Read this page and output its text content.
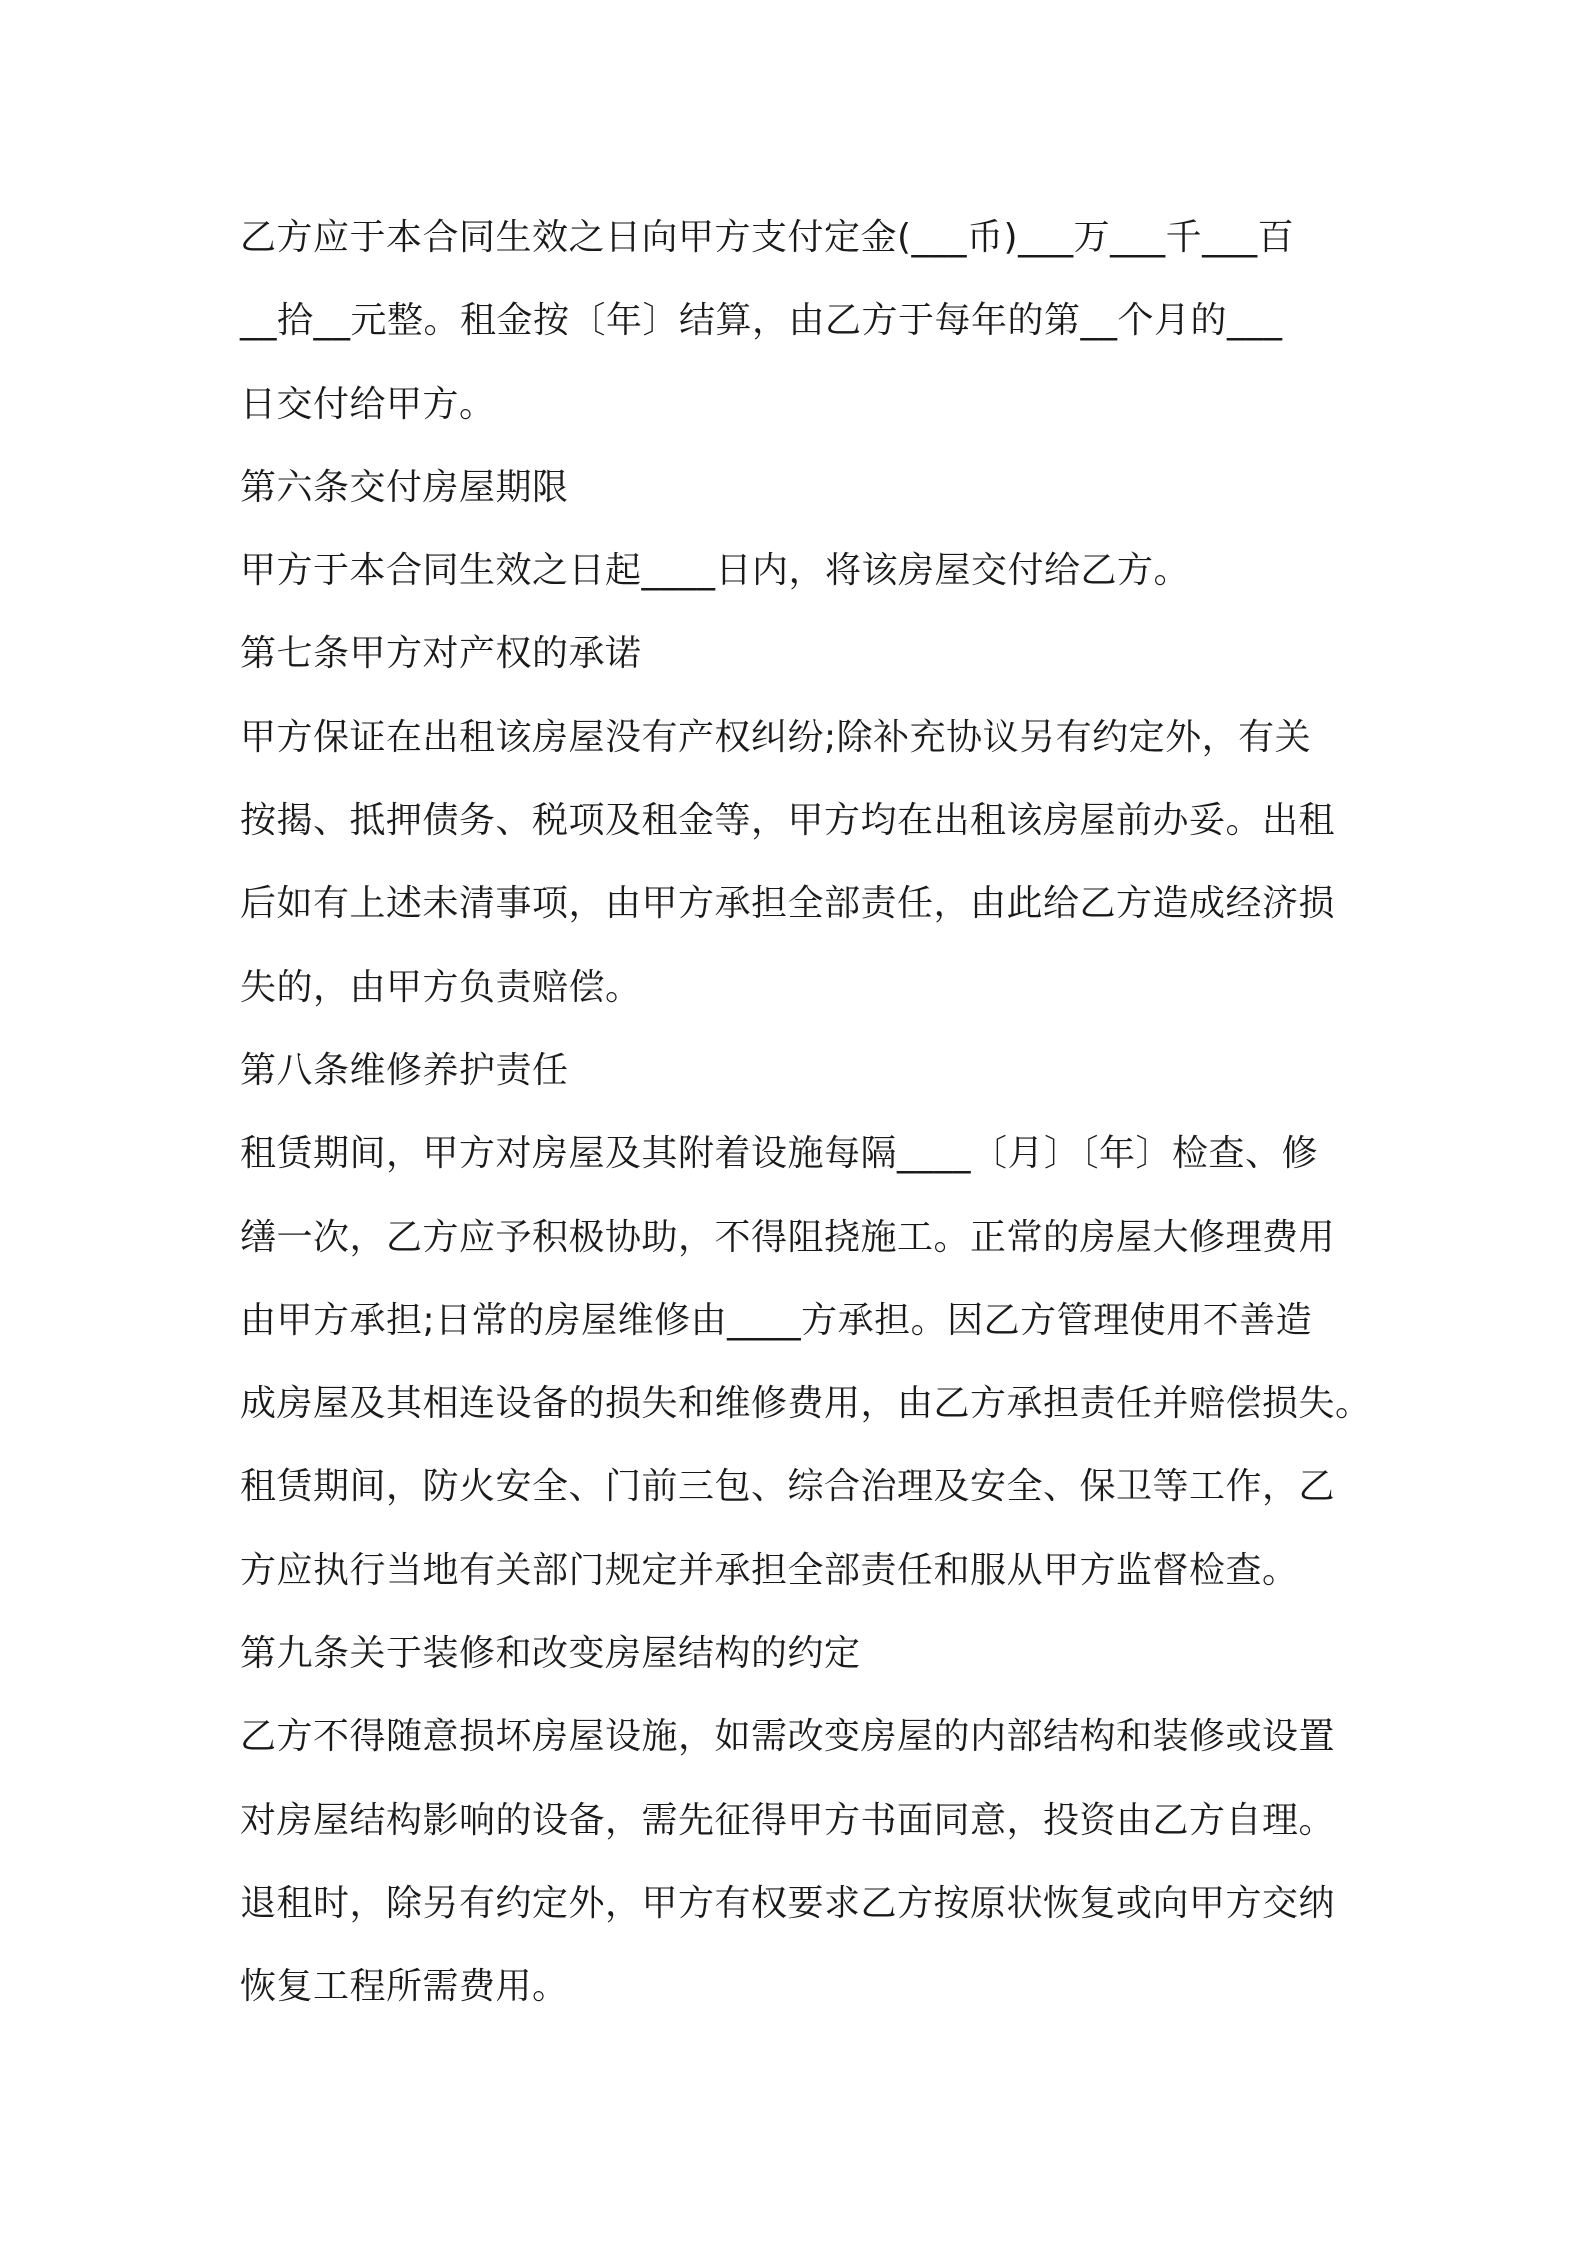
乙方应于本合同生效之日向甲方支付定金(___币)___万___千___百
__拾__元整。租金按〔年〕结算，由乙方于每年的第__个月的___
日交付给甲方。
第六条交付房屋期限
甲方于本合同生效之日起____日内，将该房屋交付给乙方。
第七条甲方对产权的承诺
甲方保证在出租该房屋没有产权纠纷;除补充协议另有约定外，有关
按揭、抵押债务、税项及租金等，甲方均在出租该房屋前办妥。出租
后如有上述未清事项，由甲方承担全部责任，由此给乙方造成经济损
失的，由甲方负责赔偿。
第八条维修养护责任
租赁期间，甲方对房屋及其附着设施每隔____〔月〕〔年〕检查、修
缮一次，乙方应予积极协助，不得阻挠施工。正常的房屋大修理费用
由甲方承担;日常的房屋维修由____方承担。因乙方管理使用不善造
成房屋及其相连设备的损失和维修费用，由乙方承担责任并赔偿损失。
租赁期间，防火安全、门前三包、综合治理及安全、保卫等工作，乙
方应执行当地有关部门规定并承担全部责任和服从甲方监督检查。
第九条关于装修和改变房屋结构的约定
乙方不得随意损坏房屋设施，如需改变房屋的内部结构和装修或设置
对房屋结构影响的设备，需先征得甲方书面同意，投资由乙方自理。
退租时，除另有约定外，甲方有权要求乙方按原状恢复或向甲方交纳
恢复工程所需费用。
